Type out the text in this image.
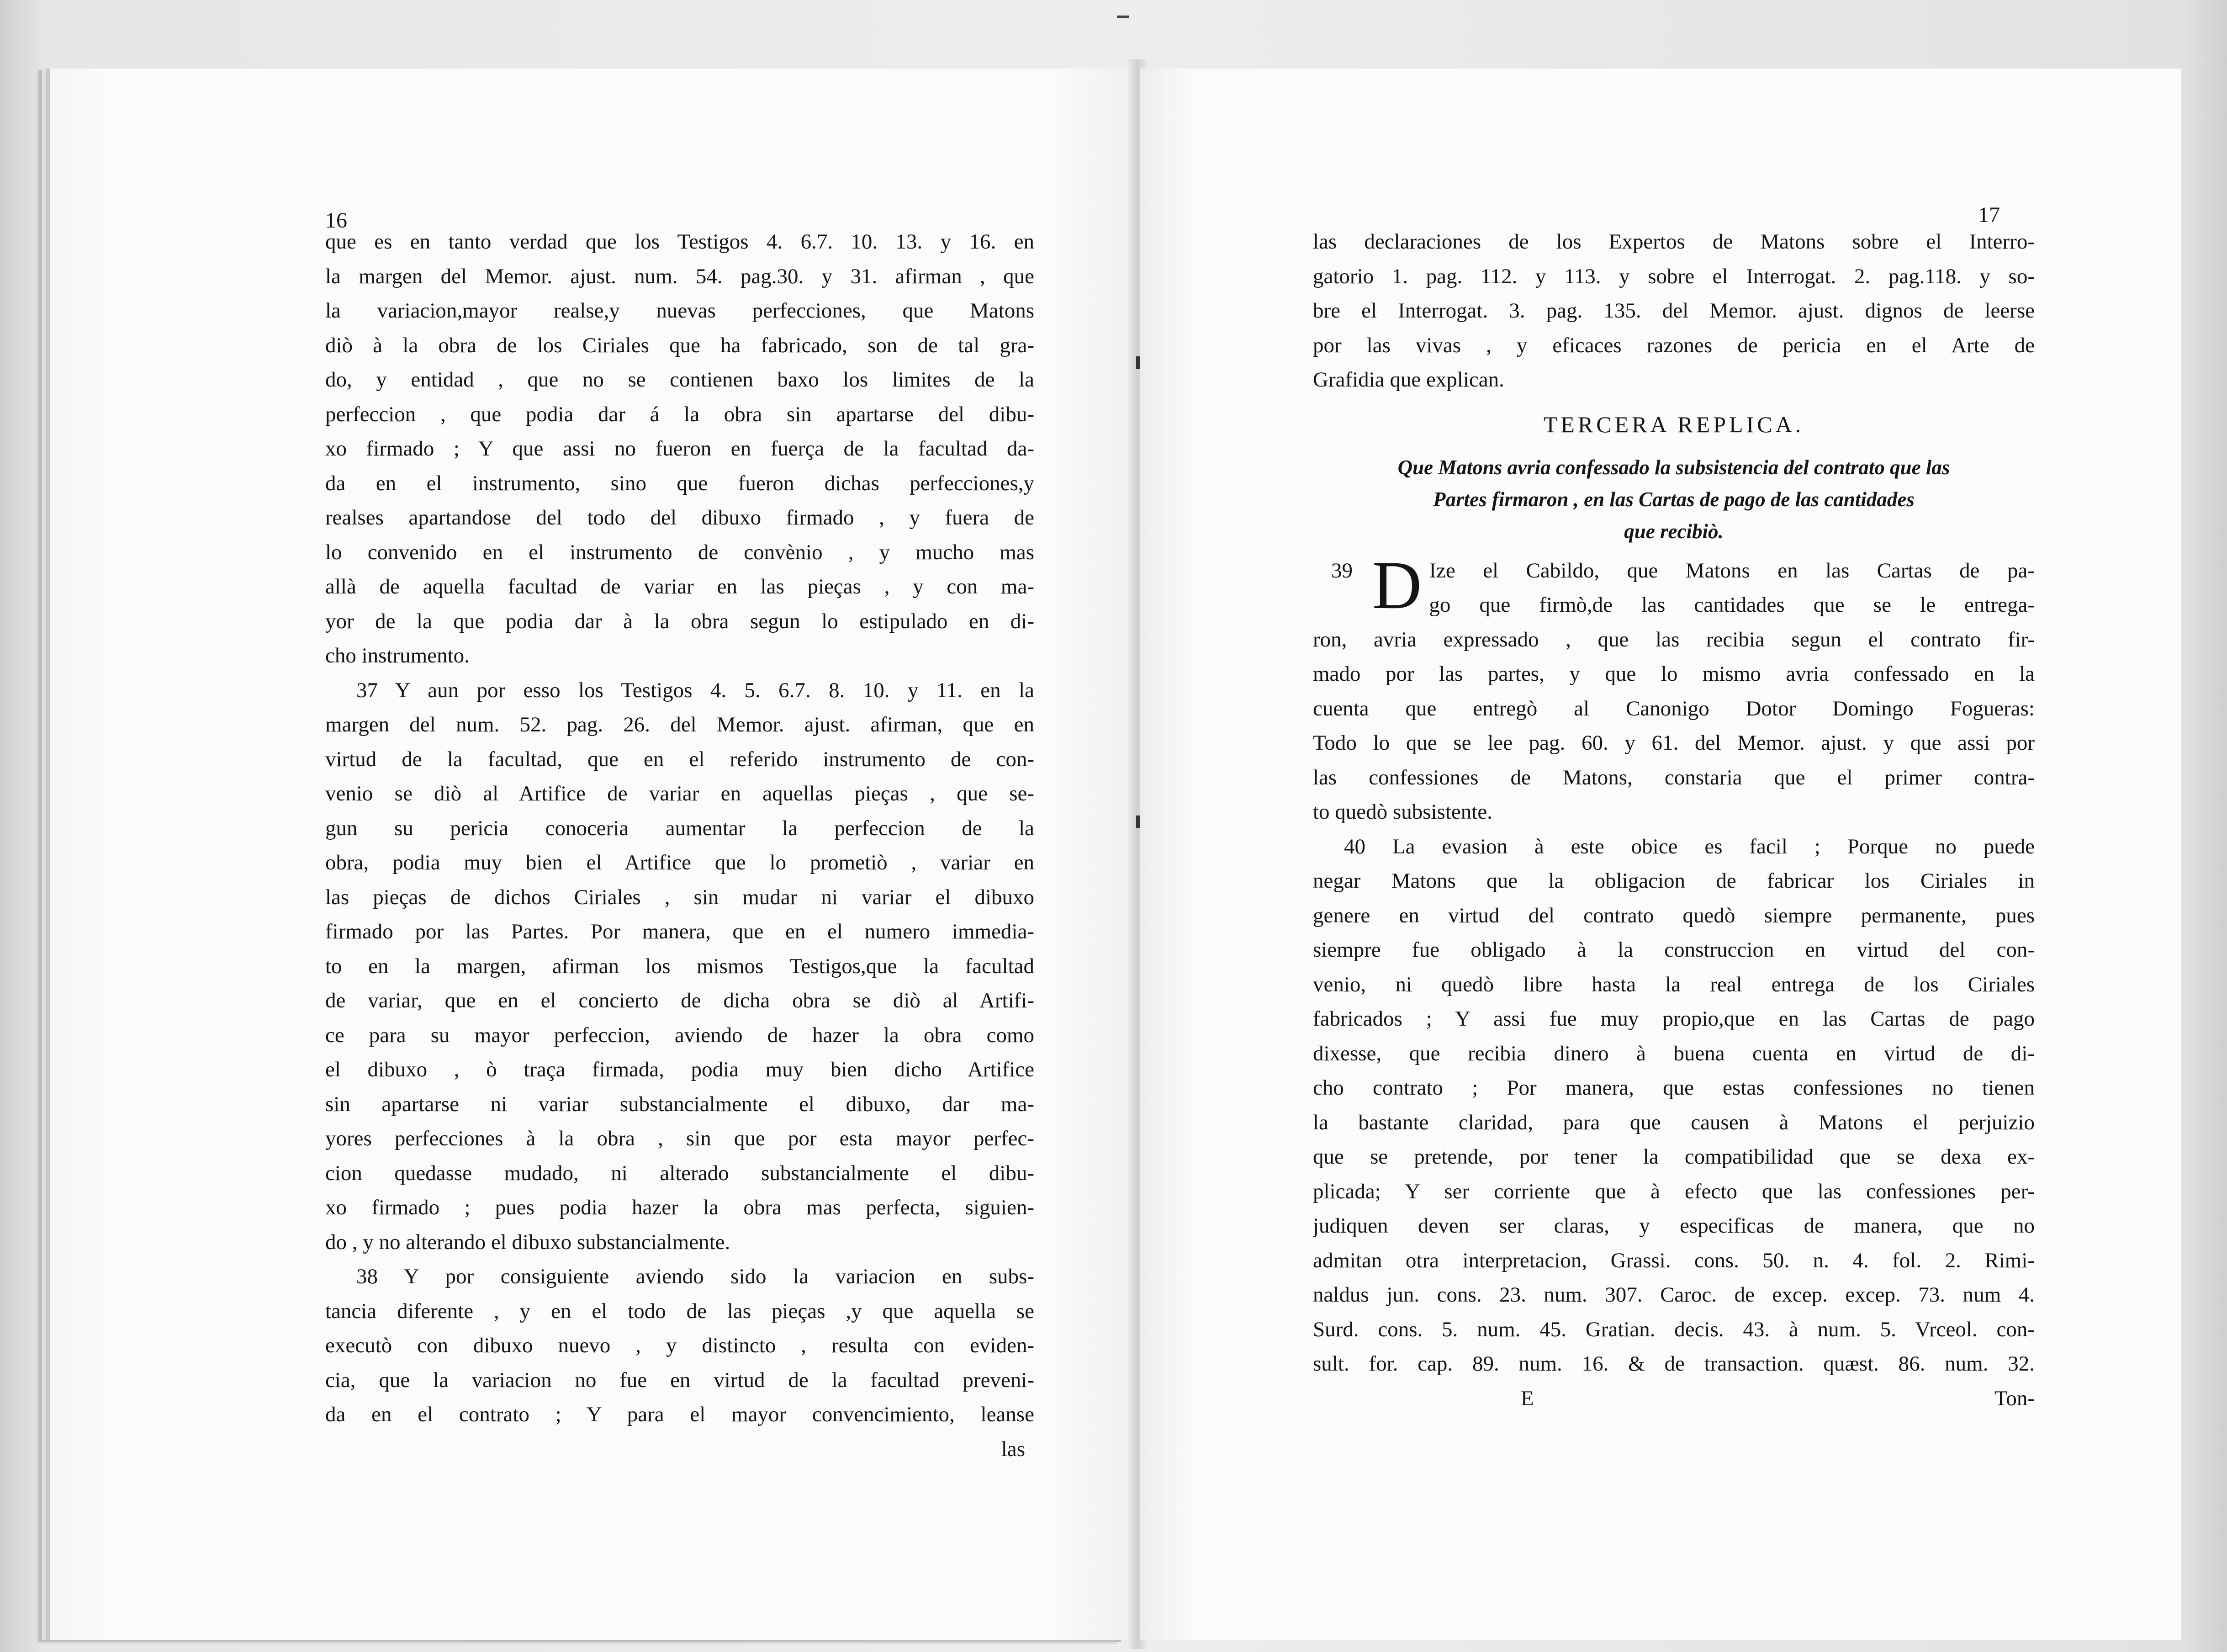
16
que es en tanto verdad que los Testigos 4. 6.7. 10. 13. y 16. en
la margen del Memor. ajust. num. 54. pag.30. y 31. afirman , que
la variacion,mayor realse,y nuevas perfecciones, que Matons
diò à la obra de los Ciriales que ha fabricado, son de tal gra-
do, y entidad , que no se contienen baxo los limites de la
perfeccion , que podia dar á la obra sin apartarse del dibu-
xo firmado ; Y que assi no fueron en fuerça de la facultad da-
da en el instrumento, sino que fueron dichas perfecciones,y
realses apartandose del todo del dibuxo firmado , y fuera de
lo convenido en el instrumento de convènio , y mucho mas
allà de aquella facultad de variar en las pieças , y con ma-
yor de la que podia dar à la obra segun lo estipulado en di-
cho instrumento.
37 Y aun por esso los Testigos 4. 5. 6.7. 8. 10. y 11. en la
margen del num. 52. pag. 26. del Memor. ajust. afirman, que en
virtud de la facultad, que en el referido instrumento de con-
venio se diò al Artifice de variar en aquellas pieças , que se-
gun su pericia conoceria aumentar la perfeccion de la
obra, podia muy bien el Artifice que lo prometiò , variar en
las pieças de dichos Ciriales , sin mudar ni variar el dibuxo
firmado por las Partes. Por manera, que en el numero immedia-
to en la margen, afirman los mismos Testigos,que la facultad
de variar, que en el concierto de dicha obra se diò al Artifi-
ce para su mayor perfeccion, aviendo de hazer la obra como
el dibuxo , ò traça firmada, podia muy bien dicho Artifice
sin apartarse ni variar substancialmente el dibuxo, dar ma-
yores perfecciones à la obra , sin que por esta mayor perfec-
cion quedasse mudado, ni alterado substancialmente el dibu-
xo firmado ; pues podia hazer la obra mas perfecta, siguien-
do , y no alterando el dibuxo substancialmente.
38 Y por consiguiente aviendo sido la variacion en subs-
tancia diferente , y en el todo de las pieças ,y que aquella se
executò con dibuxo nuevo , y distincto , resulta con eviden-
cia, que la variacion no fue en virtud de la facultad preveni-
da en el contrato ; Y para el mayor convencimiento, leanse
las
17
las declaraciones de los Expertos de Matons sobre el Interro-
gatorio 1. pag. 112. y 113. y sobre el Interrogat. 2. pag.118. y so-
bre el Interrogat. 3. pag. 135. del Memor. ajust. dignos de leerse
por las vivas , y eficaces razones de pericia en el Arte de
Grafidia que explican.
TERCERA REPLICA.
Que Matons avria confessado la subsistencia del contrato que las
Partes firmaron , en las Cartas de pago de las cantidades
que recibiò.
39 D Ize el Cabildo, que Matons en las Cartas de pa-
go que firmò,de las cantidades que se le entrega-
ron, avria expressado , que las recibia segun el contrato fir-
mado por las partes, y que lo mismo avria confessado en la
cuenta que entregò al Canonigo Dotor Domingo Fogueras:
Todo lo que se lee pag. 60. y 61. del Memor. ajust. y que assi por
las confessiones de Matons, constaria que el primer contra-
to quedò subsistente.
40 La evasion à este obice es facil ; Porque no puede
negar Matons que la obligacion de fabricar los Ciriales in
genere en virtud del contrato quedò siempre permanente, pues
siempre fue obligado à la construccion en virtud del con-
venio, ni quedò libre hasta la real entrega de los Ciriales
fabricados ; Y assi fue muy propio,que en las Cartas de pago
dixesse, que recibia dinero à buena cuenta en virtud de di-
cho contrato ; Por manera, que estas confessiones no tienen
la bastante claridad, para que causen à Matons el perjuizio
que se pretende, por tener la compatibilidad que se dexa ex-
plicada; Y ser corriente que à efecto que las confessiones per-
judiquen deven ser claras, y especificas de manera, que no
admitan otra interpretacion, Grassi. cons. 50. n. 4. fol. 2. Rimi-
naldus jun. cons. 23. num. 307. Caroc. de excep. excep. 73. num 4.
Surd. cons. 5. num. 45. Gratian. decis. 43. à num. 5. Vrceol. con-
sult. for. cap. 89. num. 16. & de transaction. quæst. 86. num. 32.
E	Ton-
